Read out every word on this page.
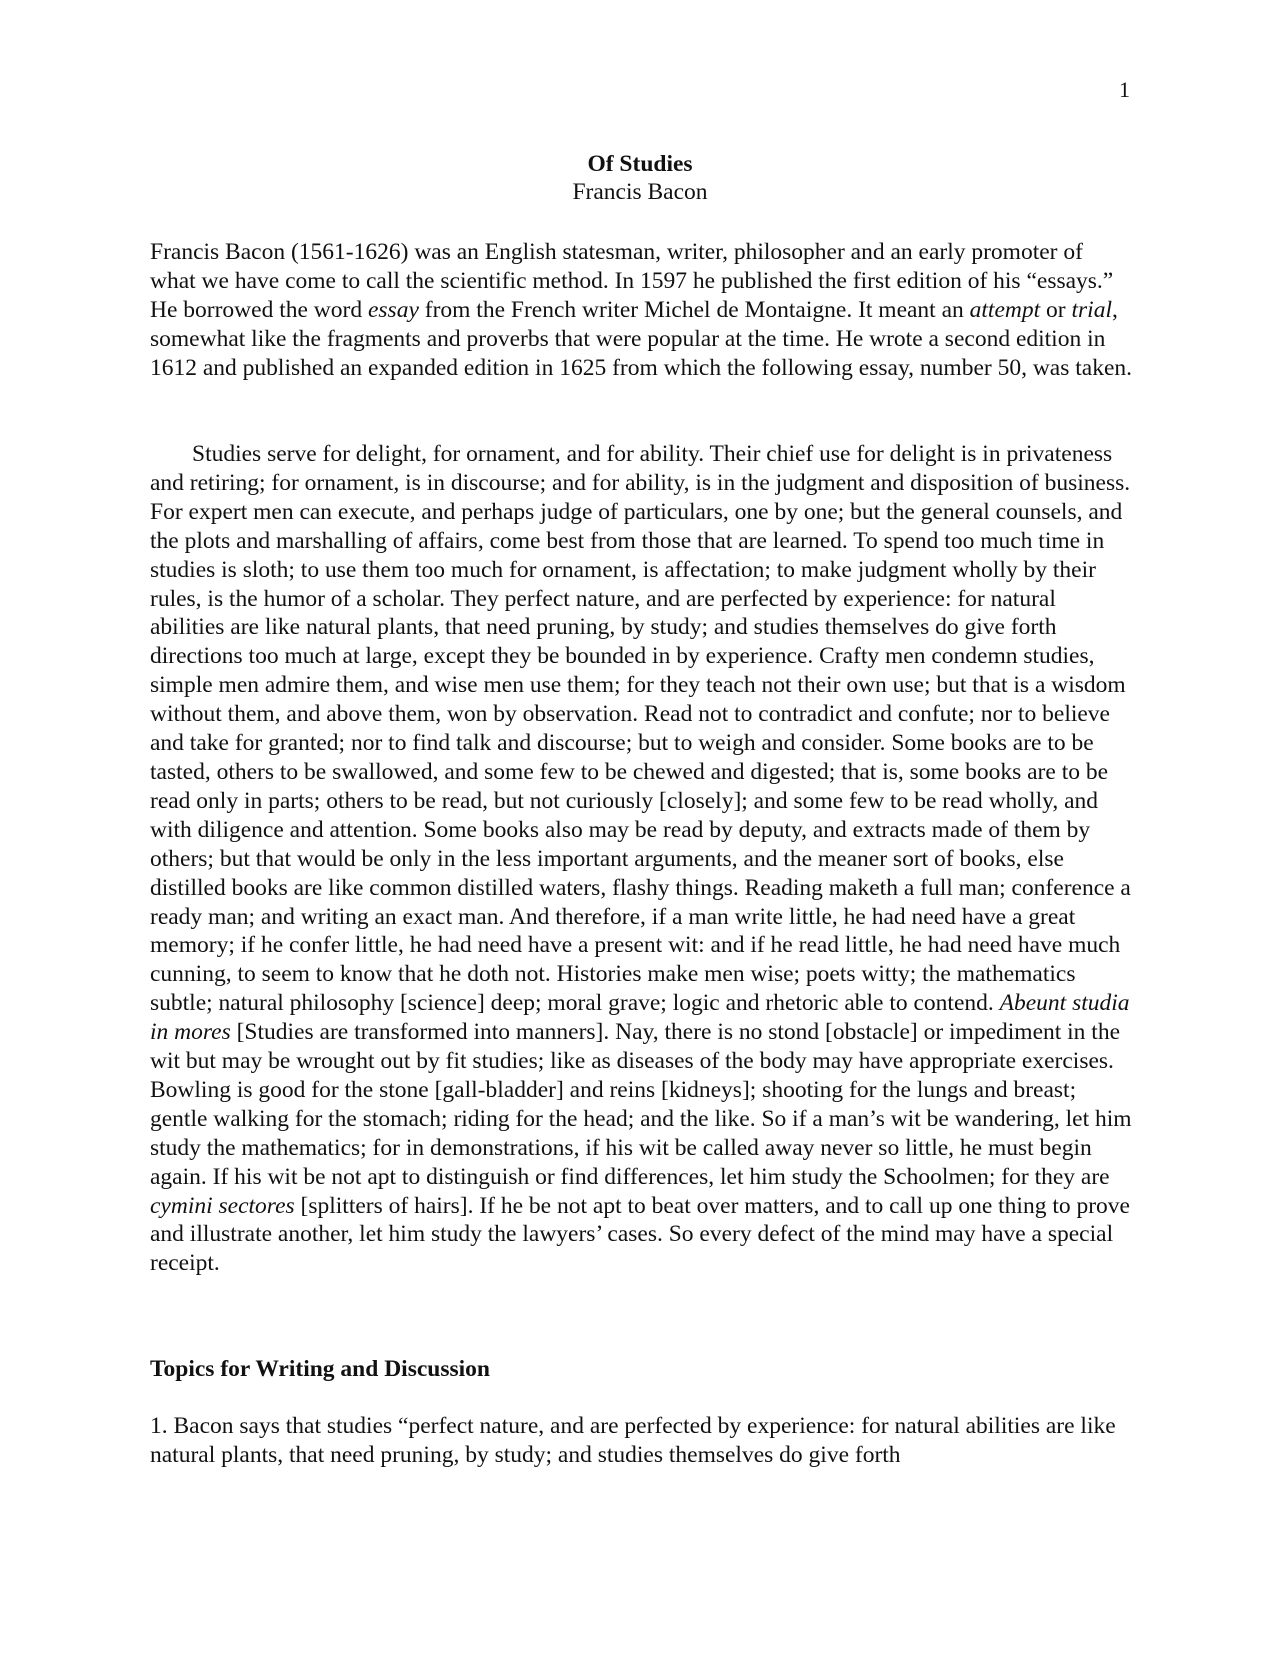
1
Of Studies
Francis Bacon

Francis Bacon (1561-1626) was an English statesman, writer, philosopher and an early promoter of what we have come to call the scientific method. In 1597 he published the first edition of his “essays.” He borrowed the word essay from the French writer Michel de Montaigne. It meant an attempt or trial, somewhat like the fragments and proverbs that were popular at the time. He wrote a second edition in 1612 and published an expanded edition in 1625 from which the following essay, number 50, was taken.

Studies serve for delight, for ornament, and for ability. Their chief use for delight is in privateness and retiring; for ornament, is in discourse; and for ability, is in the judgment and disposition of business. For expert men can execute, and perhaps judge of particulars, one by one; but the general counsels, and the plots and marshalling of affairs, come best from those that are learned. To spend too much time in studies is sloth; to use them too much for ornament, is affectation; to make judgment wholly by their rules, is the humor of a scholar. They perfect nature, and are perfected by experience: for natural abilities are like natural plants, that need pruning, by study; and studies themselves do give forth directions too much at large, except they be bounded in by experience. Crafty men condemn studies, simple men admire them, and wise men use them; for they teach not their own use; but that is a wisdom without them, and above them, won by observation. Read not to contradict and confute; nor to believe and take for granted; nor to find talk and discourse; but to weigh and consider. Some books are to be tasted, others to be swallowed, and some few to be chewed and digested; that is, some books are to be read only in parts; others to be read, but not curiously [closely]; and some few to be read wholly, and with diligence and attention. Some books also may be read by deputy, and extracts made of them by others; but that would be only in the less important arguments, and the meaner sort of books, else distilled books are like common distilled waters, flashy things. Reading maketh a full man; conference a ready man; and writing an exact man. And therefore, if a man write little, he had need have a great memory; if he confer little, he had need have a present wit: and if he read little, he had need have much cunning, to seem to know that he doth not. Histories make men wise; poets witty; the mathematics subtle; natural philosophy [science] deep; moral grave; logic and rhetoric able to contend. Abeunt studia in mores [Studies are transformed into manners]. Nay, there is no stond [obstacle] or impediment in the wit but may be wrought out by fit studies; like as diseases of the body may have appropriate exercises. Bowling is good for the stone [gall-bladder] and reins [kidneys]; shooting for the lungs and breast; gentle walking for the stomach; riding for the head; and the like. So if a man’s wit be wandering, let him study the mathematics; for in demonstrations, if his wit be called away never so little, he must begin again. If his wit be not apt to distinguish or find differences, let him study the Schoolmen; for they are cymini sectores [splitters of hairs]. If he be not apt to beat over matters, and to call up one thing to prove and illustrate another, let him study the lawyers’ cases. So every defect of the mind may have a special receipt.

Topics for Writing and Discussion

1. Bacon says that studies “perfect nature, and are perfected by experience: for natural abilities are like natural plants, that need pruning, by study; and studies themselves do give forth
